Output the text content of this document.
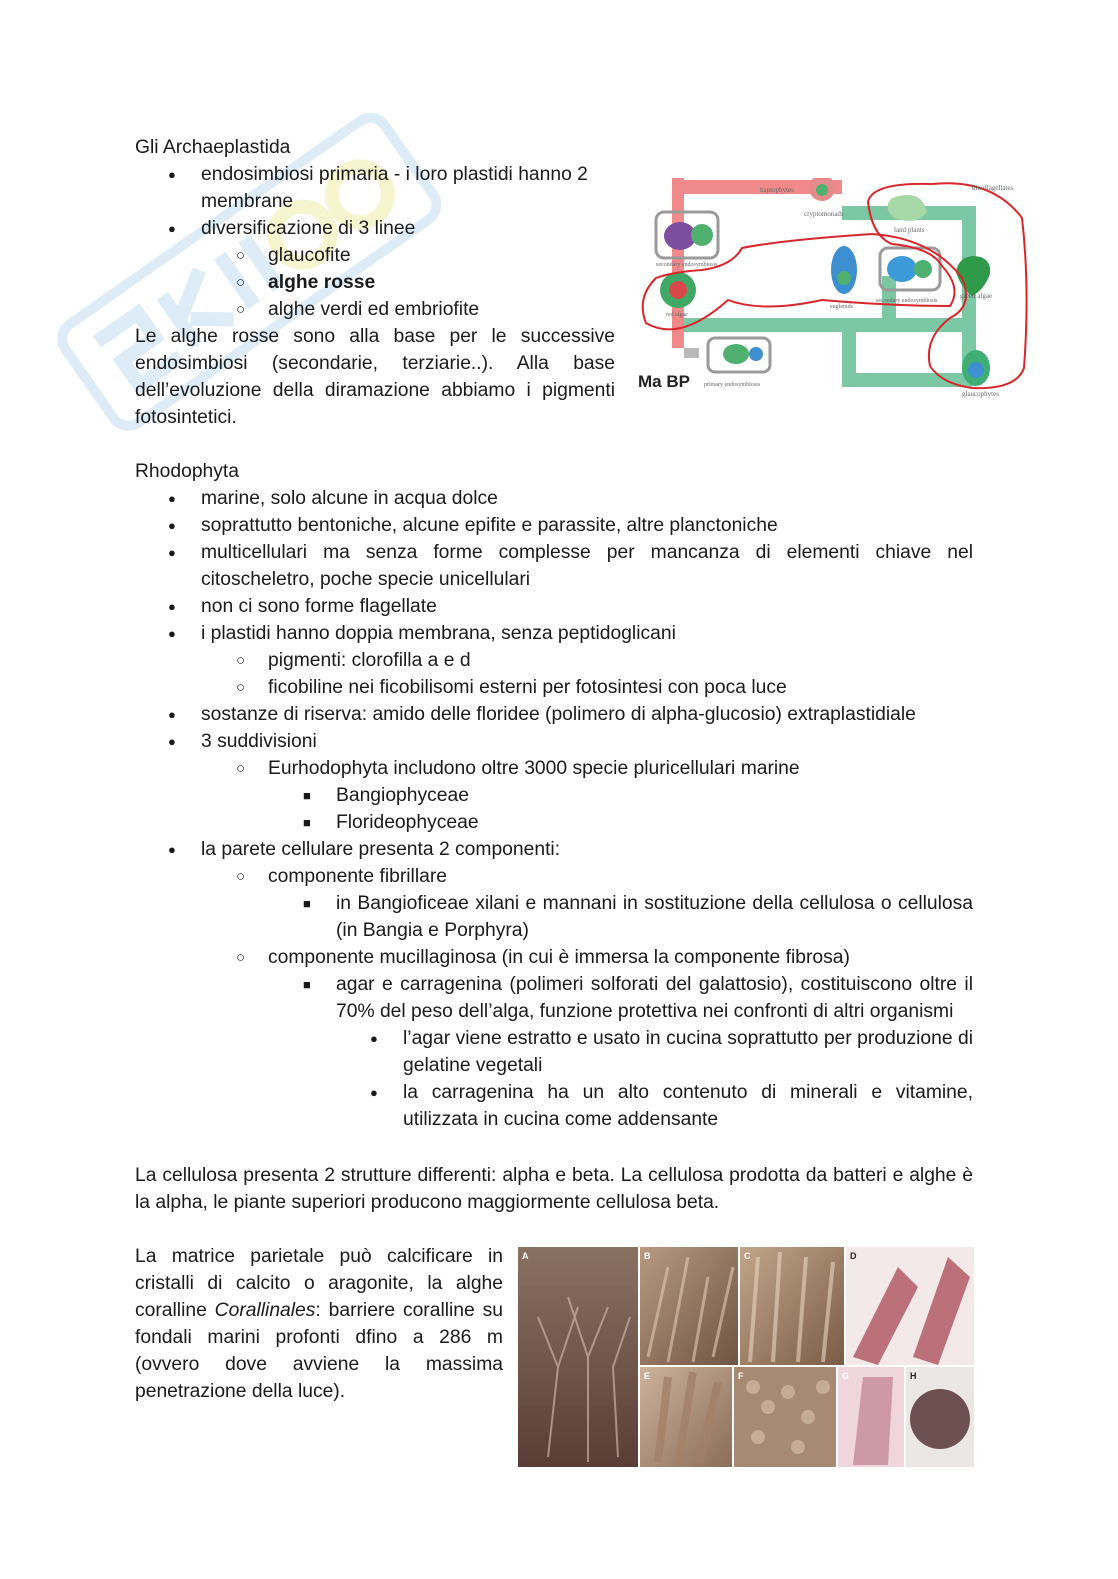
Gli Archaeplastida

● endosimbiosi primaria - i loro plastidi hanno 2 membrane
● diversificazione di 3 linee
○ glaucofite
○ alghe rosse
○ alghe verdi ed embriofite

Le alghe rosse sono alla base per le successive endosimbiosi (secondarie, terziarie..). Alla base dell’evoluzione della diramazione abbiamo i pigmenti fotosintetici.

haptophytes
cryptomonads
dinoflagellates
secondary endosymbiosis
land plants
euglenids
secondary endosymbiosis
green algae
red algae
primary endosymbiosis
glaucophytes
Ma BP

Rhodophyta

● marine, solo alcune in acqua dolce
● soprattutto bentoniche, alcune epifite e parassite, altre planctoniche
● multicellulari ma senza forme complesse per mancanza di elementi chiave nel citoscheletro, poche specie unicellulari
● non ci sono forme flagellate
● i plastidi hanno doppia membrana, senza peptidoglicani
○ pigmenti: clorofilla a e d
○ ficobiline nei ficobilisomi esterni per fotosintesi con poca luce
● sostanze di riserva: amido delle floridee (polimero di alpha-glucosio) extraplastidiale
● 3 suddivisioni
○ Eurhodophyta includono oltre 3000 specie pluricellulari marine
■ Bangiophyceae
■ Florideophyceae
● la parete cellulare presenta 2 componenti:
○ componente fibrillare
■ in Bangioficeae xilani e mannani in sostituzione della cellulosa o cellulosa (in Bangia e Porphyra)
○ componente mucillaginosa (in cui è immersa la componente fibrosa)
■ agar e carragenina (polimeri solforati del galattosio), costituiscono oltre il 70% del peso dell’alga, funzione protettiva nei confronti di altri organismi
● l’agar viene estratto e usato in cucina soprattutto per produzione di gelatine vegetali
● la carragenina ha un alto contenuto di minerali e vitamine, utilizzata in cucina come addensante

La cellulosa presenta 2 strutture differenti: alpha e beta. La cellulosa prodotta da batteri e alghe è la alpha, le piante superiori producono maggiormente cellulosa beta.

La matrice parietale può calcificare in cristalli di calcito o aragonite, la alghe coralline Corallinales: barriere coralline su fondali marini profonti dfino a 286 m (ovvero dove avviene la massima penetrazione della luce).

A	B	C	D
E	F	G	H
